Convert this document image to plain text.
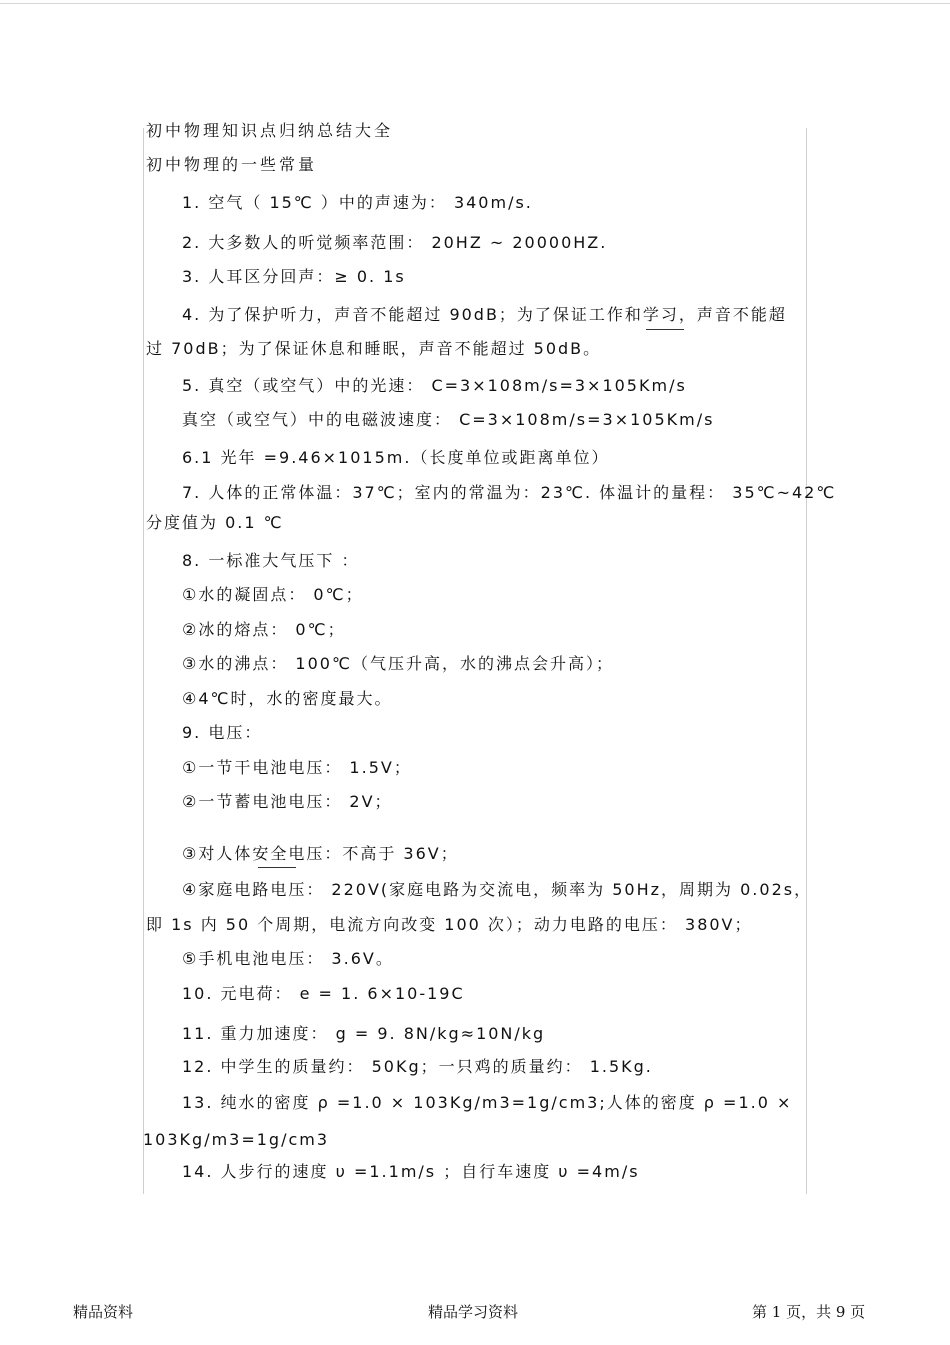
初中物理知识点归纳总结大全
初中物理的一些常量
1. 空气（ 15℃ ）中的声速为： 340m/s.
2. 大多数人的听觉频率范围： 20HZ ~ 20000HZ.
3. 人耳区分回声：≥ 0. 1s
4. 为了保护听力，声音不能超过 90dB；为了保证工作和学习，声音不能超
过 70dB；为了保证休息和睡眠，声音不能超过 50dB。
5. 真空（或空气）中的光速： C=3×108m/s=3×105Km/s
真空（或空气）中的电磁波速度： C=3×108m/s=3×105Km/s
6.1 光年 =9.46×1015m.（长度单位或距离单位）
7. 人体的正常体温：37℃；室内的常温为：23℃. 体温计的量程： 35℃~42℃
分度值为 0.1 ℃
8. 一标准大气压下 ：
①水的凝固点： 0℃；
②冰的熔点： 0℃；
③水的沸点： 100℃（气压升高，水的沸点会升高）；
④4℃时，水的密度最大。
9. 电压：
①一节干电池电压： 1.5V；
②一节蓄电池电压： 2V；
③对人体安全电压：不高于 36V；
④家庭电路电压： 220V(家庭电路为交流电，频率为 50Hz，周期为 0.02s，
即 1s 内 50 个周期，电流方向改变 100 次）；动力电路的电压： 380V；
⑤手机电池电压： 3.6V。
10. 元电荷： e = 1. 6×10-19C
11. 重力加速度： g = 9. 8N/kg≈10N/kg
12. 中学生的质量约： 50Kg；一只鸡的质量约： 1.5Kg.
13. 纯水的密度 ρ =1.0 × 103Kg/m3=1g/cm3;人体的密度 ρ =1.0 ×
103Kg/m3=1g/cm3
14. 人步行的速度 υ =1.1m/s ；自行车速度 υ =4m/s
精品资料	精品学习资料	第 1 页，共 9 页
